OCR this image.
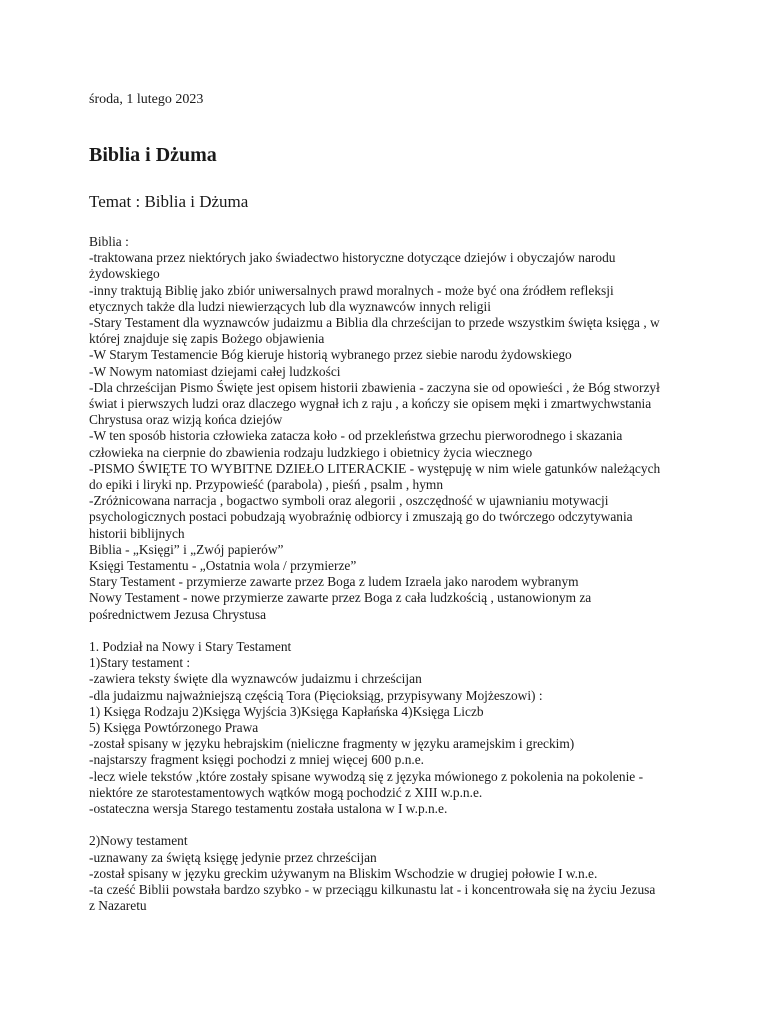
środa, 1 lutego 2023
Biblia i Dżuma
Temat : Biblia i Dżuma
Biblia :
-traktowana przez niektórych jako świadectwo historyczne dotyczące dziejów i obyczajów narodu
żydowskiego
-inny traktują Biblię jako zbiór uniwersalnych prawd moralnych - może być ona źródłem refleksji
etycznych także dla ludzi niewierzących lub dla wyznawców innych religii
-Stary Testament dla wyznawców judaizmu a Biblia dla chrześcijan to przede wszystkim święta księga , w
której znajduje się zapis Bożego objawienia
-W Starym Testamencie Bóg kieruje historią wybranego przez siebie narodu żydowskiego
-W Nowym natomiast dziejami całej ludzkości
-Dla chrześcijan Pismo Święte jest opisem historii zbawienia - zaczyna sie od opowieści , że Bóg stworzył
świat i pierwszych ludzi oraz dlaczego wygnał ich z raju , a kończy sie opisem męki i zmartwychwstania
Chrystusa oraz wizją końca dziejów
-W ten sposób historia człowieka zatacza koło - od przekleństwa grzechu pierworodnego i skazania
człowieka na cierpnie do zbawienia rodzaju ludzkiego i obietnicy życia wiecznego
-PISMO ŚWIĘTE TO WYBITNE DZIEŁO LITERACKIE - występuję w nim wiele gatunków należących
do epiki i liryki np. Przypowieść (parabola) , pieśń , psalm , hymn
-Zróżnicowana narracja , bogactwo symboli oraz alegorii , oszczędność w ujawnianiu motywacji
psychologicznych postaci pobudzają wyobraźnię odbiorcy i zmuszają go do twórczego odczytywania
historii biblijnych
Biblia - „Księgi” i „Zwój papierów”
Księgi Testamentu - „Ostatnia wola / przymierze”
Stary Testament - przymierze zawarte przez Boga z ludem Izraela jako narodem wybranym
Nowy Testament - nowe przymierze zawarte przez Boga z cała ludzkością , ustanowionym za
pośrednictwem Jezusa Chrystusa
1. Podział na Nowy i Stary Testament
1)Stary testament :
-zawiera teksty święte dla wyznawców judaizmu i chrześcijan
-dla judaizmu najważniejszą częścią Tora (Pięcioksiąg, przypisywany Mojżeszowi) :
1) Księga Rodzaju 2)Księga Wyjścia 3)Księga Kapłańska 4)Księga Liczb
5) Księga Powtórzonego Prawa
-został spisany w języku hebrajskim (nieliczne fragmenty w języku aramejskim i greckim)
-najstarszy fragment księgi pochodzi z mniej więcej 600 p.n.e.
-lecz wiele tekstów ,które zostały spisane wywodzą się z języka mówionego z pokolenia na pokolenie -
niektóre ze starotestamentowych wątków mogą pochodzić z XIII w.p.n.e.
-ostateczna wersja Starego testamentu została ustalona w I w.p.n.e.
2)Nowy testament
-uznawany za świętą księgę jedynie przez chrześcijan
-został spisany w języku greckim używanym na Bliskim Wschodzie w drugiej połowie I w.n.e.
-ta cześć Biblii powstała bardzo szybko - w przeciągu kilkunastu lat - i koncentrowała się na życiu Jezusa
z Nazaretu
